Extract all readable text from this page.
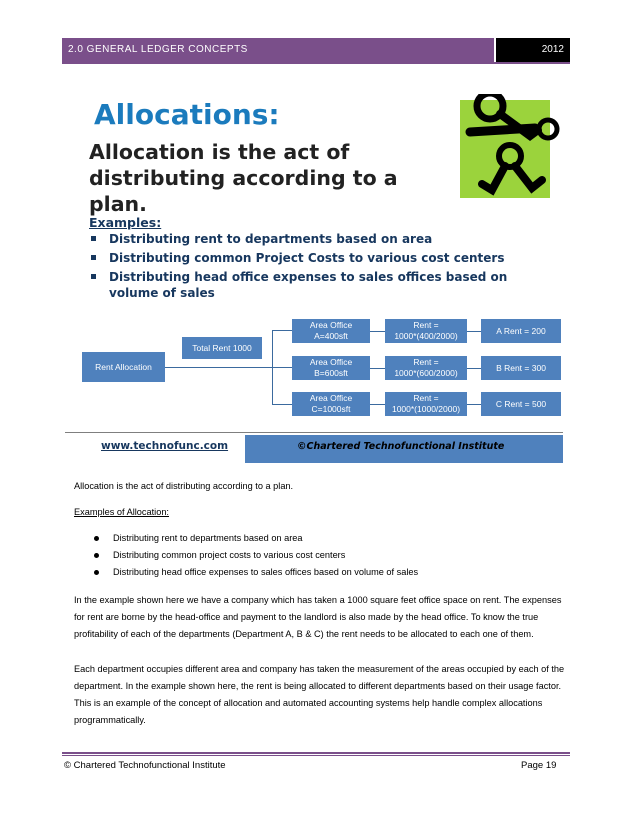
2.0 GENERAL LEDGER CONCEPTS	2012
Allocations:
Allocation is the act of distributing according to a plan.
Examples:
Distributing rent to departments based on area
Distributing common Project Costs to various cost centers
Distributing head office expenses to sales offices based on volume of sales
Rent Allocation
Total Rent 1000
Area Office
A=400sft
Rent =
1000*(400/2000)
A Rent = 200
Area Office
B=600sft
Rent =
1000*(600/2000)
B Rent = 300
Area Office
C=1000sft
Rent =
1000*(1000/2000)
C Rent = 500
www.technofunc.com	©Chartered Technofunctional Institute
Allocation is the act of distributing according to a plan.
Examples of Allocation:
Distributing rent to departments based on area
Distributing common project costs to various cost centers
Distributing head office expenses to sales offices based on volume of sales
In the example shown here we have a company which has taken a 1000 square feet office space on rent. The expenses for rent are borne by the head-office and payment to the landlord is also made by the head office. To know the true profitability of each of the departments (Department A, B & C) the rent needs to be allocated to each one of them.
Each department occupies different area and company has taken the measurement of the areas occupied by each of the department. In the example shown here, the rent is being allocated to different departments based on their usage factor. This is an example of the concept of allocation and automated accounting systems help handle complex allocations programmatically.
© Chartered Technofunctional Institute	Page 19
